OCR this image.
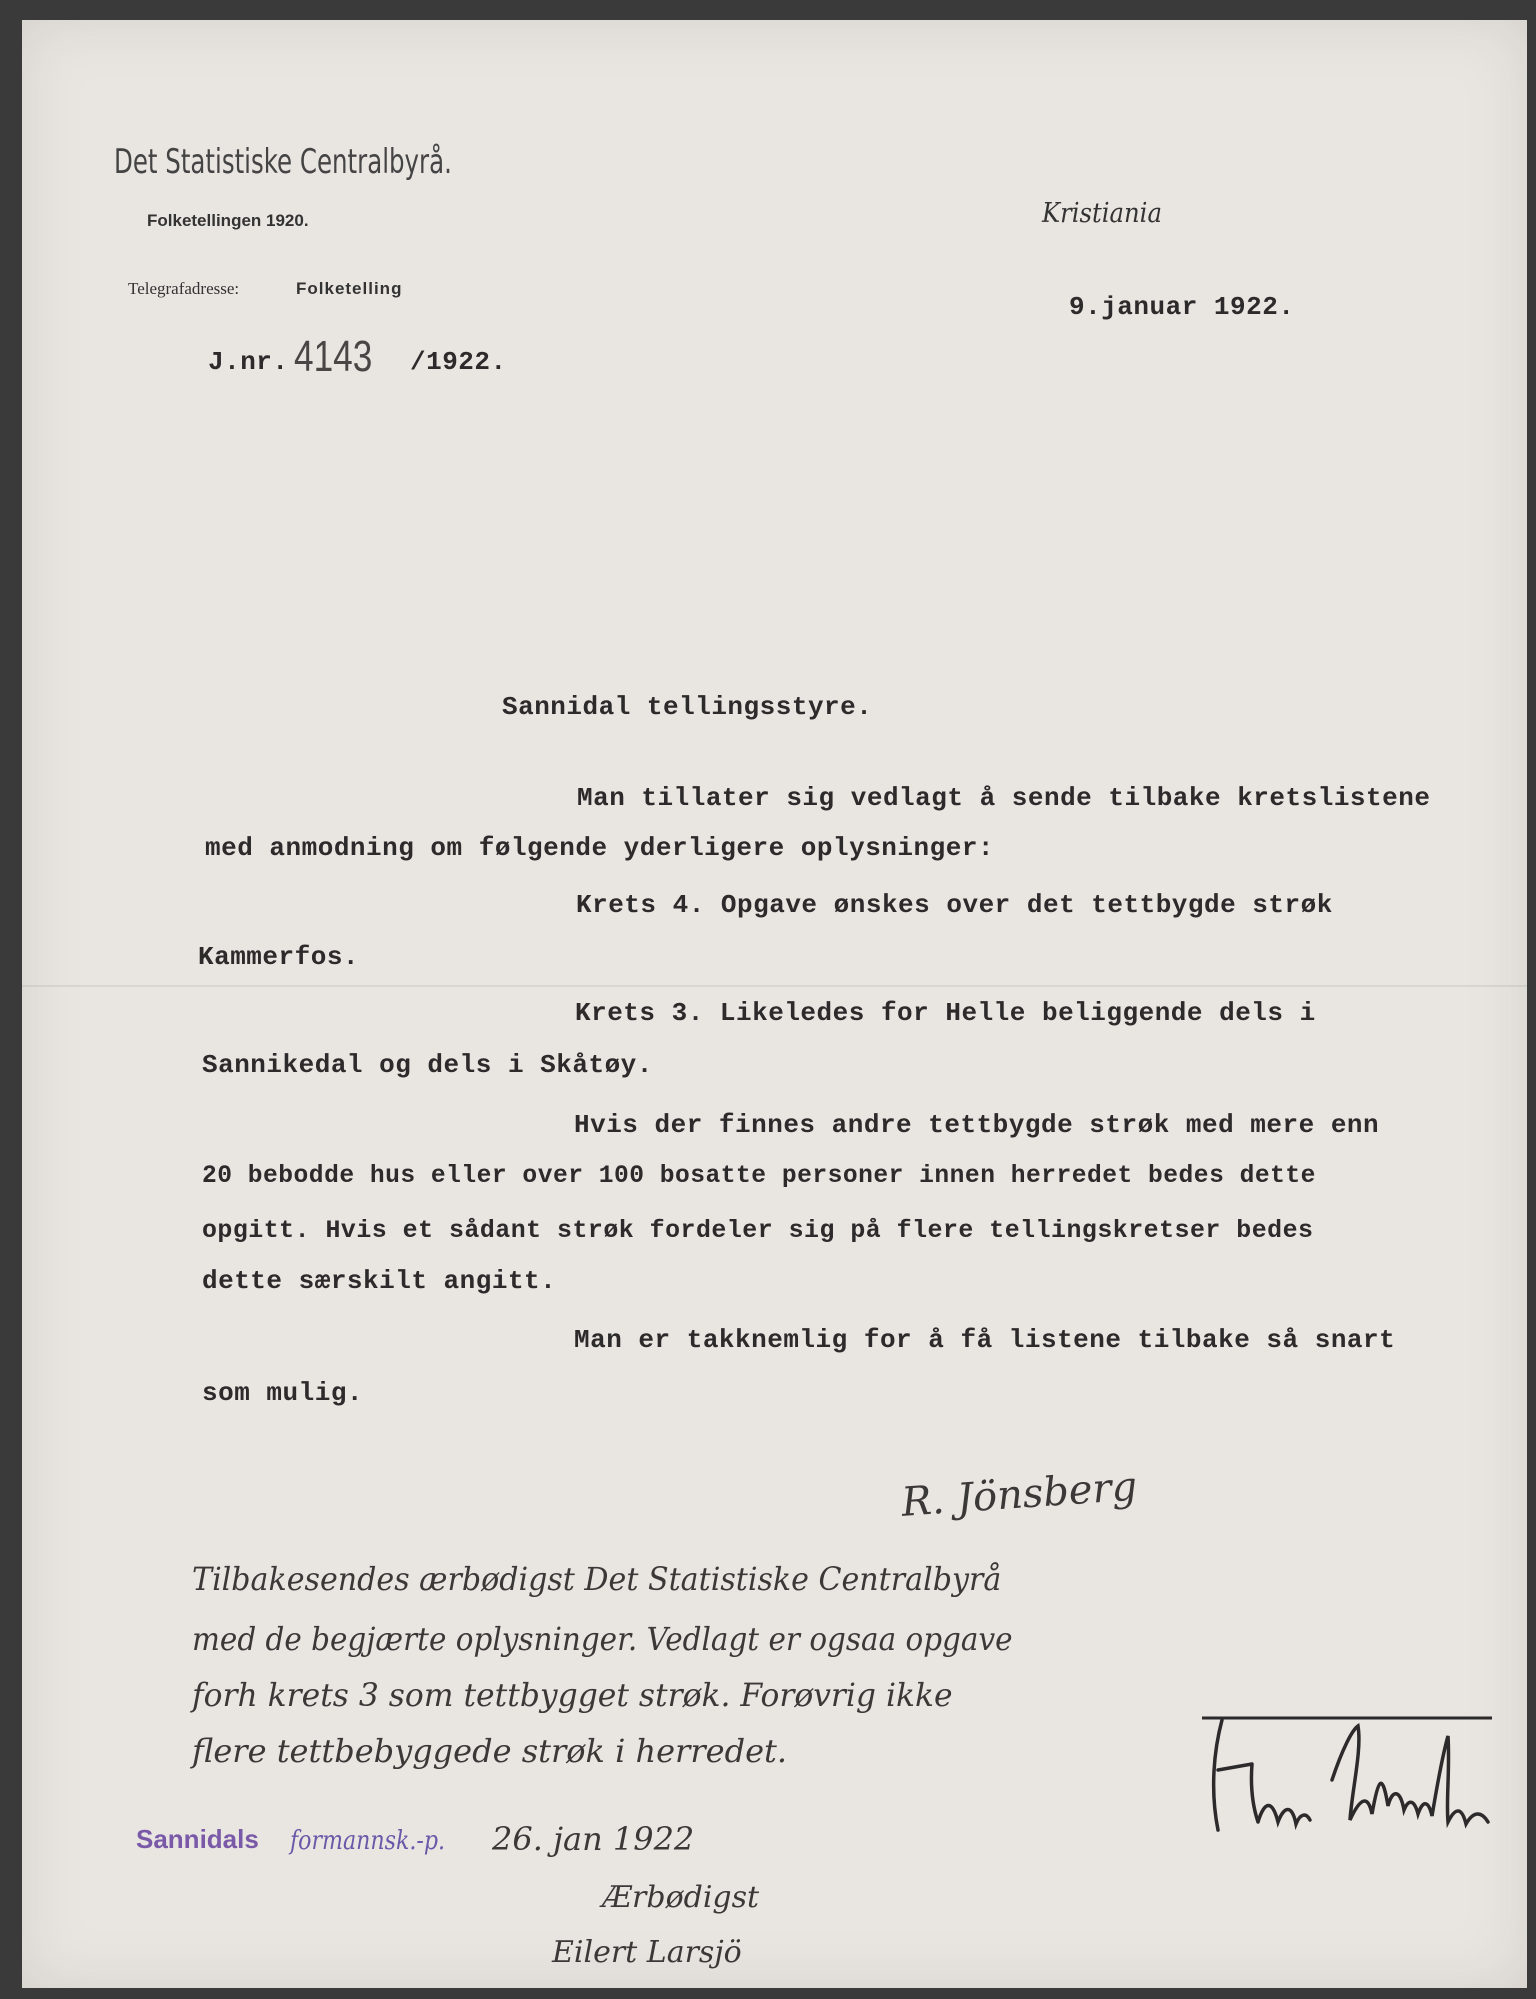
Det Statistiske Centralbyrå.
Folketellingen 1920.
Telegrafadresse:	Folketelling
J.nr. 4143 /1922.
Kristiania
9.januar 1922.
Sannidal tellingsstyre.
Man tillater sig vedlagt å sende tilbake kretslistene
med anmodning om følgende yderligere oplysninger:
Krets 4. Opgave ønskes over det tettbygde strøk
Kammerfos.
Krets 3. Likeledes for Helle beliggende dels i
Sannikedal og dels i Skåtøy.
Hvis der finnes andre tettbygde strøk med mere enn
20 bebodde hus eller over 100 bosatte personer innen herredet bedes dette
opgitt. Hvis et sådant strøk fordeler sig på flere tellingskretser bedes
dette særskilt angitt.
Man er takknemlig for å få listene tilbake så snart
som mulig.
R. Jönsberg
Tilbakesendes ærbødigst Det Statistiske Centralbyrå
med de begjærte oplysninger. Vedlagt er ogsaa opgave
forh krets 3 som tettbygget strøk. Forøvrig ikke
flere tettbebyggede strøk i herredet.
Sannidals formannsk.-p. 26. jan 1922
Ærbødigst
Eilert Larsjö
